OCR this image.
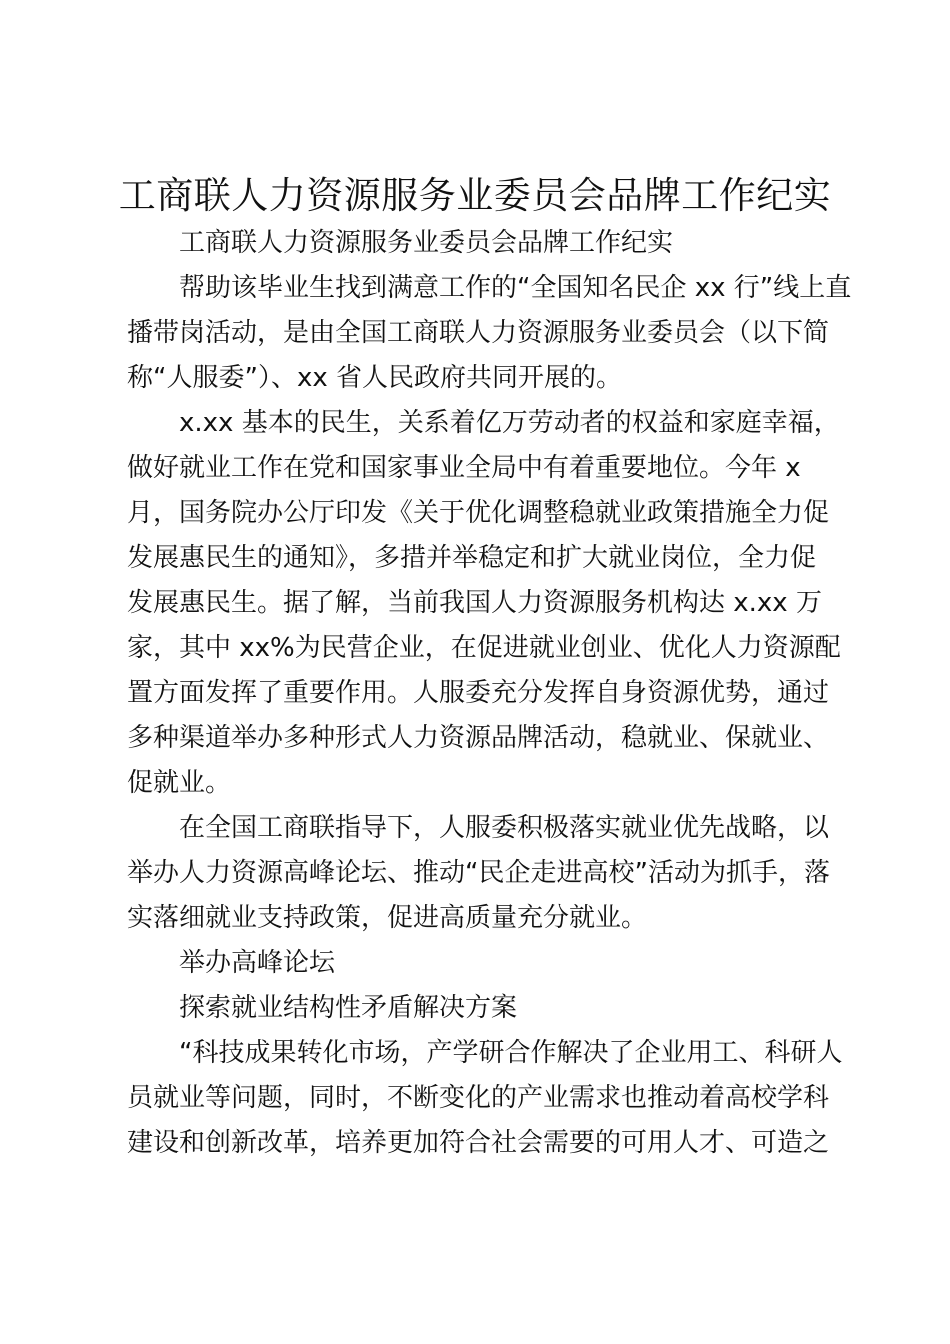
工商联人力资源服务业委员会品牌工作纪实
工商联人力资源服务业委员会品牌工作纪实
帮助该毕业生找到满意工作的“全国知名民企 xx 行”线上直
播带岗活动，是由全国工商联人力资源服务业委员会（以下简
称“人服委”）、xx 省人民政府共同开展的。
x.xx 基本的民生，关系着亿万劳动者的权益和家庭幸福，
做好就业工作在党和国家事业全局中有着重要地位。今年 x
月，国务院办公厅印发《关于优化调整稳就业政策措施全力促
发展惠民生的通知》，多措并举稳定和扩大就业岗位，全力促
发展惠民生。据了解，当前我国人力资源服务机构达 x.xx 万
家，其中 xx%为民营企业，在促进就业创业、优化人力资源配
置方面发挥了重要作用。人服委充分发挥自身资源优势，通过
多种渠道举办多种形式人力资源品牌活动，稳就业、保就业、
促就业。
在全国工商联指导下，人服委积极落实就业优先战略，以
举办人力资源高峰论坛、推动“民企走进高校”活动为抓手，落
实落细就业支持政策，促进高质量充分就业。
举办高峰论坛
探索就业结构性矛盾解决方案
“科技成果转化市场，产学研合作解决了企业用工、科研人
员就业等问题，同时，不断变化的产业需求也推动着高校学科
建设和创新改革，培养更加符合社会需要的可用人才、可造之
